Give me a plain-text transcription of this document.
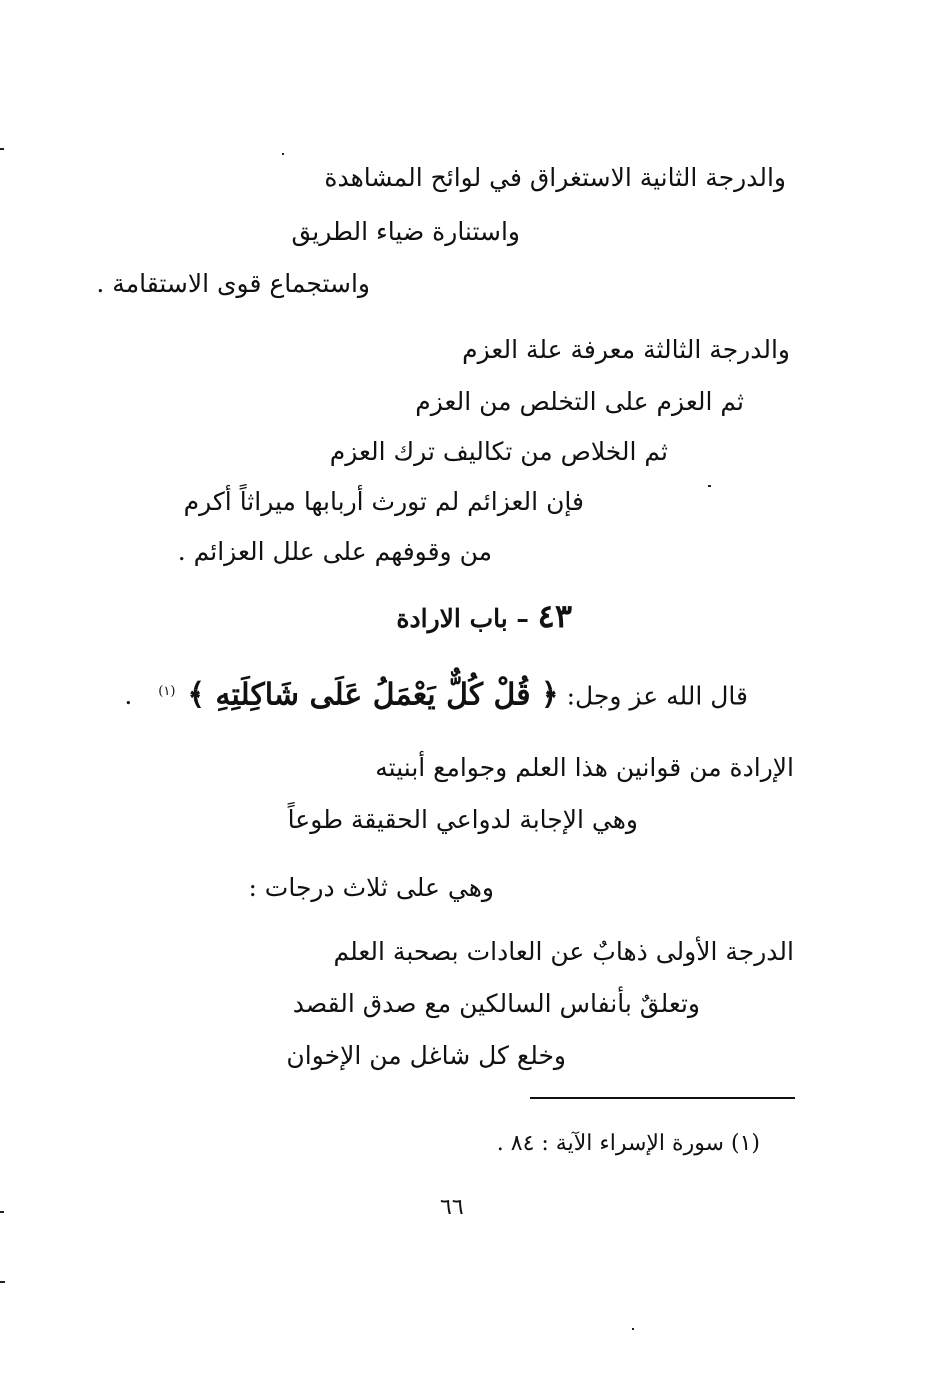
والدرجة الثانية الاستغراق في لوائح المشاهدة
واستنارة ضياء الطريق
واستجماع قوى الاستقامة .
والدرجة الثالثة معرفة علة العزم
ثم العزم على التخلص من العزم
ثم الخلاص من تكاليف ترك العزم
فإن العزائم لم تورث أربابها ميراثاً أكرم
من وقوفهم على علل العزائم .
٤٣ – باب الارادة
قال الله عز وجل: ﴿ قُلْ كُلٌّ يَعْمَلُ عَلَى شَاكِلَتِهِ ﴾ $^{(١)}$ .
الإرادة من قوانين هذا العلم وجوامع أبنيته
وهي الإجابة لدواعي الحقيقة طوعاً
وهي على ثلاث درجات :
الدرجة الأولى ذهابٌ عن العادات بصحبة العلم
وتعلقٌ بأنفاس السالكين مع صدق القصد
وخلع كل شاغل من الإخوان
(١) سورة الإسراء الآية : ٨٤ .
٦٦
